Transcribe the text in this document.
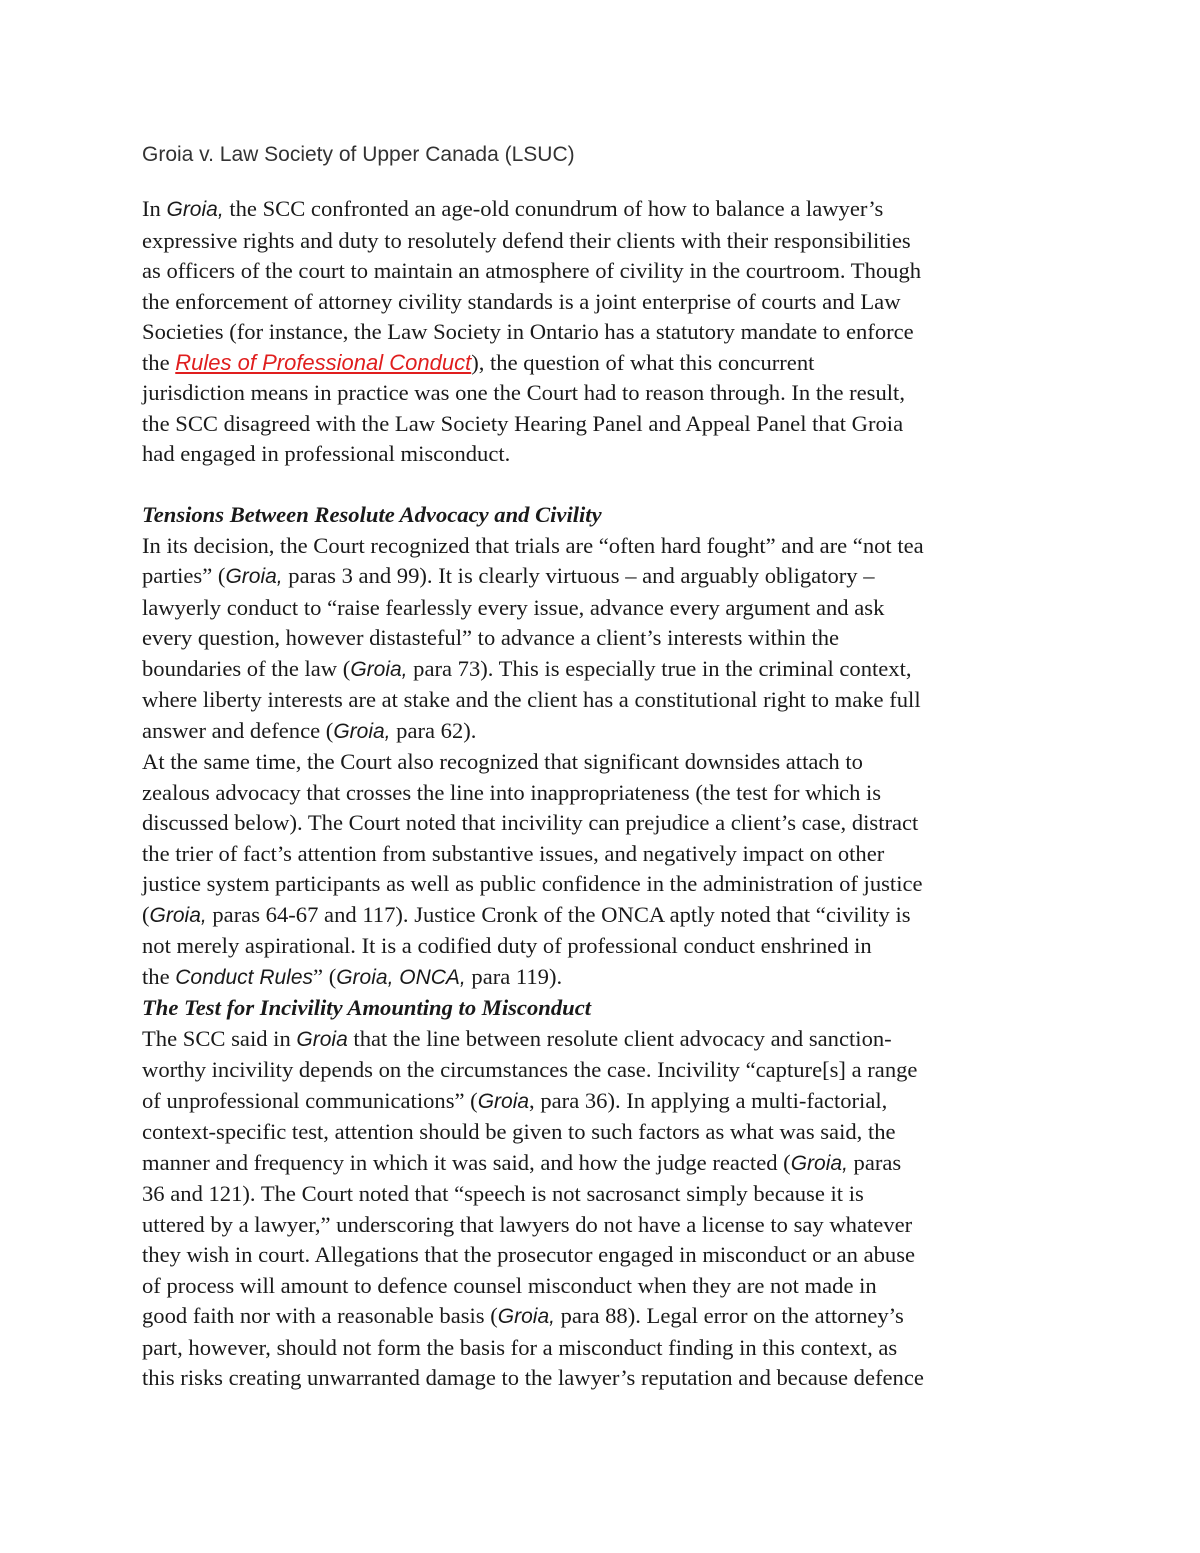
Groia v. Law Society of Upper Canada (LSUC)
In Groia, the SCC confronted an age-old conundrum of how to balance a lawyer’s
expressive rights and duty to resolutely defend their clients with their responsibilities
as officers of the court to maintain an atmosphere of civility in the courtroom. Though
the enforcement of attorney civility standards is a joint enterprise of courts and Law
Societies (for instance, the Law Society in Ontario has a statutory mandate to enforce
the Rules of Professional Conduct), the question of what this concurrent
jurisdiction means in practice was one the Court had to reason through. In the result,
the SCC disagreed with the Law Society Hearing Panel and Appeal Panel that Groia
had engaged in professional misconduct.
Tensions Between Resolute Advocacy and Civility
In its decision, the Court recognized that trials are “often hard fought” and are “not tea
parties” (Groia, paras 3 and 99). It is clearly virtuous – and arguably obligatory –
lawyerly conduct to “raise fearlessly every issue, advance every argument and ask
every question, however distasteful” to advance a client’s interests within the
boundaries of the law (Groia, para 73). This is especially true in the criminal context,
where liberty interests are at stake and the client has a constitutional right to make full
answer and defence (Groia, para 62).
At the same time, the Court also recognized that significant downsides attach to
zealous advocacy that crosses the line into inappropriateness (the test for which is
discussed below). The Court noted that incivility can prejudice a client’s case, distract
the trier of fact’s attention from substantive issues, and negatively impact on other
justice system participants as well as public confidence in the administration of justice
(Groia, paras 64-67 and 117). Justice Cronk of the ONCA aptly noted that “civility is
not merely aspirational. It is a codified duty of professional conduct enshrined in
the Conduct Rules” (Groia, ONCA, para 119).
The Test for Incivility Amounting to Misconduct
The SCC said in Groia that the line between resolute client advocacy and sanction-
worthy incivility depends on the circumstances the case. Incivility “capture[s] a range
of unprofessional communications” (Groia, para 36). In applying a multi-factorial,
context-specific test, attention should be given to such factors as what was said, the
manner and frequency in which it was said, and how the judge reacted (Groia, paras
36 and 121). The Court noted that “speech is not sacrosanct simply because it is
uttered by a lawyer,” underscoring that lawyers do not have a license to say whatever
they wish in court. Allegations that the prosecutor engaged in misconduct or an abuse
of process will amount to defence counsel misconduct when they are not made in
good faith nor with a reasonable basis (Groia, para 88). Legal error on the attorney’s
part, however, should not form the basis for a misconduct finding in this context, as
this risks creating unwarranted damage to the lawyer’s reputation and because defence
